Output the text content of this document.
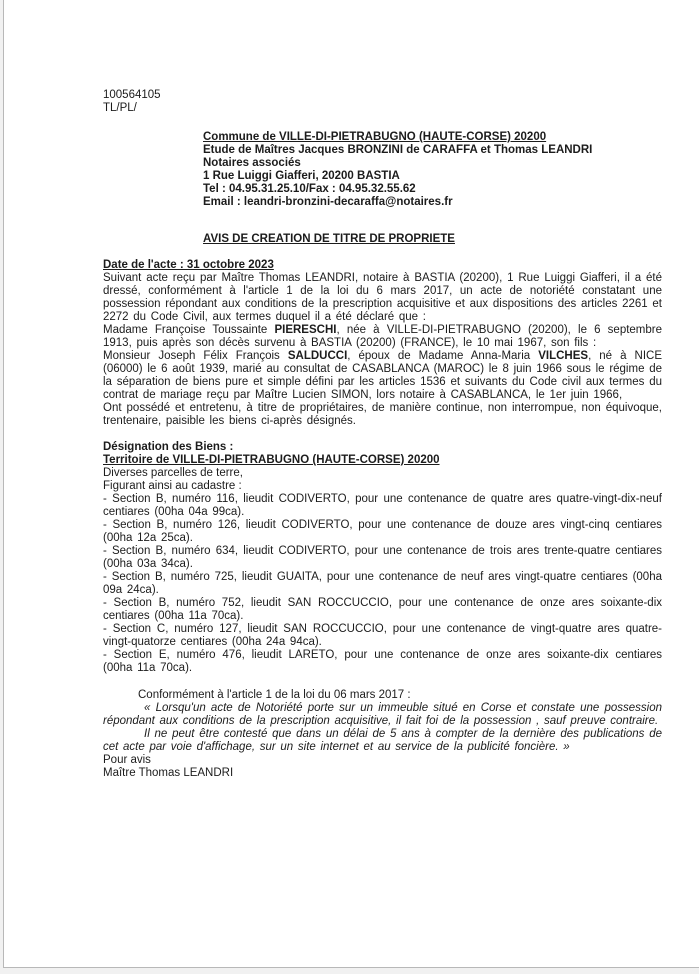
100564105
TL/PL/
Commune de VILLE-DI-PIETRABUGNO (HAUTE-CORSE) 20200
Etude de Maîtres Jacques BRONZINI de CARAFFA et Thomas LEANDRI
Notaires associés
1 Rue Luiggi Giafferi, 20200 BASTIA
Tel : 04.95.31.25.10/Fax : 04.95.32.55.62
Email : leandri-bronzini-decaraffa@notaires.fr
AVIS DE CREATION DE TITRE DE PROPRIETE
Date de l'acte : 31 octobre 2023
Suivant acte reçu par Maître Thomas LEANDRI, notaire à BASTIA (20200), 1 Rue Luiggi Giafferi, il a été dressé, conformément à l'article 1 de la loi du 6 mars 2017, un acte de notoriété constatant une possession répondant aux conditions de la prescription acquisitive et aux dispositions des articles 2261 et 2272 du Code Civil, aux termes duquel il a été déclaré que :
Madame Françoise Toussainte PIERESCHI, née à VILLE-DI-PIETRABUGNO (20200), le 6 septembre 1913, puis après son décès survenu à BASTIA (20200) (FRANCE), le 10 mai 1967, son fils :
Monsieur Joseph Félix François SALDUCCI, époux de Madame Anna-Maria VILCHES, né à NICE (06000) le 6 août 1939, marié au consultat de CASABLANCA (MAROC) le 8 juin 1966 sous le régime de la séparation de biens pure et simple défini par les articles 1536 et suivants du Code civil aux termes du contrat de mariage reçu par Maître Lucien SIMON, lors notaire à CASABLANCA, le 1er juin 1966,
Ont possédé et entretenu, à titre de propriétaires, de manière continue, non interrompue, non équivoque, trentenaire, paisible les biens ci-après désignés.
Désignation des Biens :
Territoire de VILLE-DI-PIETRABUGNO (HAUTE-CORSE) 20200
Diverses parcelles de terre,
Figurant ainsi au cadastre :
- Section B, numéro 116, lieudit CODIVERTO, pour une contenance de quatre ares quatre-vingt-dix-neuf centiares (00ha 04a 99ca).
- Section B, numéro 126, lieudit CODIVERTO, pour une contenance de douze ares vingt-cinq centiares (00ha 12a 25ca).
- Section B, numéro 634, lieudit CODIVERTO, pour une contenance de trois ares trente-quatre centiares (00ha 03a 34ca).
- Section B, numéro 725, lieudit GUAITA, pour une contenance de neuf ares vingt-quatre centiares (00ha 09a 24ca).
- Section B, numéro 752, lieudit SAN ROCCUCCIO, pour une contenance de onze ares soixante-dix centiares (00ha 11a 70ca).
- Section C, numéro 127, lieudit SAN ROCCUCCIO, pour une contenance de vingt-quatre ares quatre-vingt-quatorze centiares (00ha 24a 94ca).
- Section E, numéro 476, lieudit LARETO, pour une contenance de onze ares soixante-dix centiares (00ha 11a 70ca).
Conformément à l'article 1 de la loi du 06 mars 2017 :
« Lorsqu'un acte de Notoriété porte sur un immeuble situé en Corse et constate une possession répondant aux conditions de la prescription acquisitive, il fait foi de la possession , sauf preuve contraire.
Il ne peut être contesté que dans un délai de 5 ans à compter de la dernière des publications de cet acte par voie d'affichage, sur un site internet et au service de la publicité foncière. »
Pour avis
Maître Thomas LEANDRI
